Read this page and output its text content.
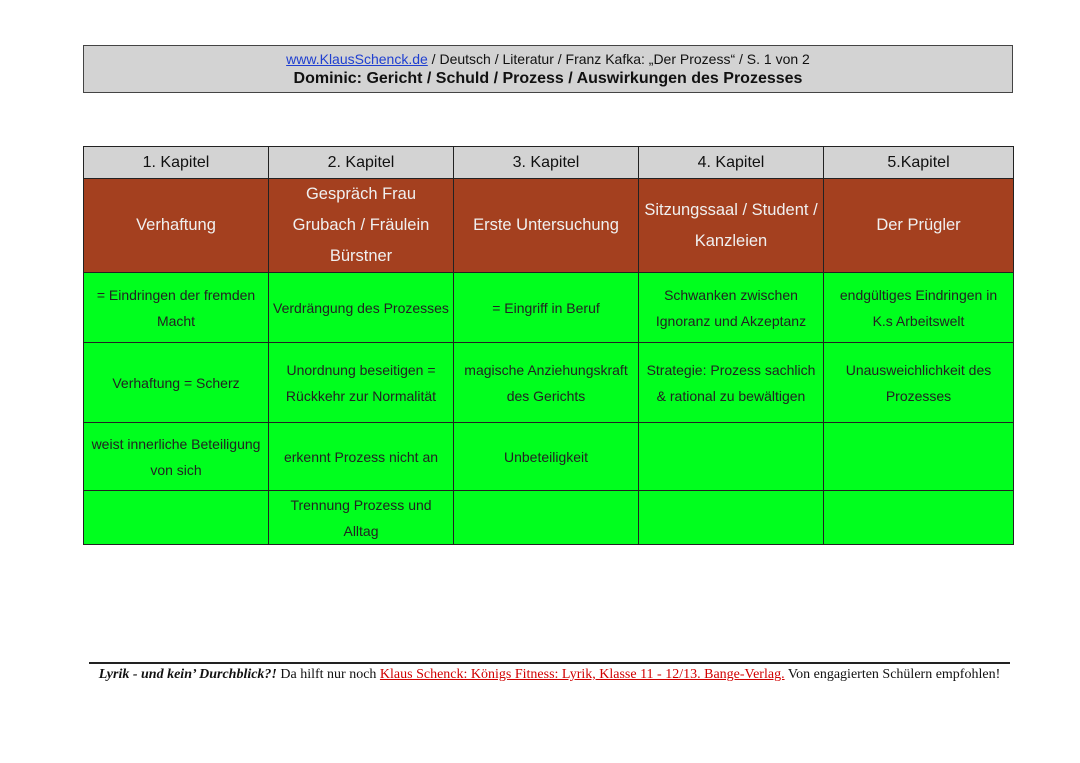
www.KlausSchenck.de / Deutsch / Literatur / Franz Kafka: „Der Prozess“ / S. 1 von 2
Dominic: Gericht / Schuld / Prozess / Auswirkungen des Prozesses
1. Kapitel	2. Kapitel	3. Kapitel	4. Kapitel	5.Kapitel
Verhaftung	Gespräch Frau Grubach / Fräulein Bürstner	Erste Untersuchung	Sitzungssaal / Student / Kanzleien	Der Prügler
= Eindringen der fremden Macht	Verdrängung des Prozesses	= Eingriff in Beruf	Schwanken zwischen Ignoranz und Akzeptanz	endgültiges Eindringen in K.s Arbeitswelt
Verhaftung = Scherz	Unordnung beseitigen = Rückkehr zur Normalität	magische Anziehungskraft des Gerichts	Strategie: Prozess sachlich & rational zu bewältigen	Unausweichlichkeit des Prozesses
weist innerliche Beteiligung von sich	erkennt Prozess nicht an	Unbeteiligkeit		
	Trennung Prozess und Alltag			
Lyrik - und kein’ Durchblick?! Da hilft nur noch Klaus Schenck: Königs Fitness: Lyrik, Klasse 11 - 12/13. Bange-Verlag. Von engagierten Schülern empfohlen!
